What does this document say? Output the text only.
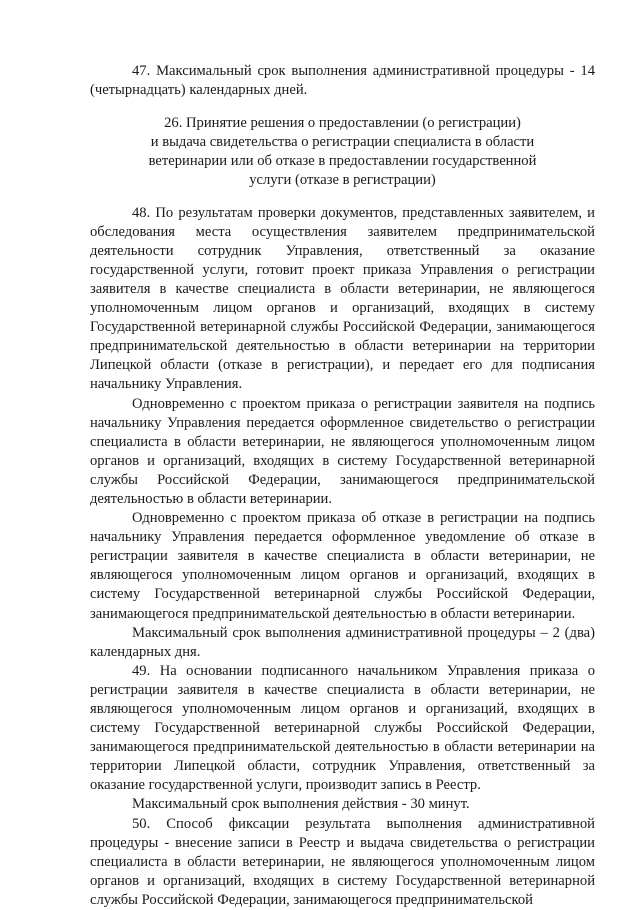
47. Максимальный срок выполнения административной процедуры - 14 (четырнадцать) календарных дней.

26. Принятие решения о предоставлении (о регистрации)
и выдача свидетельства о регистрации специалиста в области
ветеринарии или об отказе в предоставлении государственной
услуги (отказе в регистрации)

48. По результатам проверки документов, представленных заявителем, и обследования места осуществления заявителем предпринимательской деятельности сотрудник Управления, ответственный за оказание государственной услуги, готовит проект приказа Управления о регистрации заявителя в качестве специалиста в области ветеринарии, не являющегося уполномоченным лицом органов и организаций, входящих в систему Государственной ветеринарной службы Российской Федерации, занимающегося предпринимательской деятельностью в области ветеринарии на территории Липецкой области (отказе в регистрации), и передает его для подписания начальнику Управления.

Одновременно с проектом приказа о регистрации заявителя на подпись начальнику Управления передается оформленное свидетельство о регистрации специалиста в области ветеринарии, не являющегося уполномоченным лицом органов и организаций, входящих в систему Государственной ветеринарной службы Российской Федерации, занимающегося предпринимательской деятельностью в области ветеринарии.

Одновременно с проектом приказа об отказе в регистрации на подпись начальнику Управления передается оформленное уведомление об отказе в регистрации заявителя в качестве специалиста в области ветеринарии, не являющегося уполномоченным лицом органов и организаций, входящих в систему Государственной ветеринарной службы Российской Федерации, занимающегося предпринимательской деятельностью в области ветеринарии.

Максимальный срок выполнения административной процедуры – 2 (два) календарных дня.

49. На основании подписанного начальником Управления приказа о регистрации заявителя в качестве специалиста в области ветеринарии, не являющегося уполномоченным лицом органов и организаций, входящих в систему Государственной ветеринарной службы Российской Федерации, занимающегося предпринимательской деятельностью в области ветеринарии на территории Липецкой области, сотрудник Управления, ответственный за оказание государственной услуги, производит запись в Реестр.

Максимальный срок выполнения действия - 30 минут.

50. Способ фиксации результата выполнения административной процедуры - внесение записи в Реестр и выдача свидетельства о регистрации специалиста в области ветеринарии, не являющегося уполномоченным лицом органов и организаций, входящих в систему Государственной ветеринарной службы Российской Федерации, занимающегося предпринимательской
